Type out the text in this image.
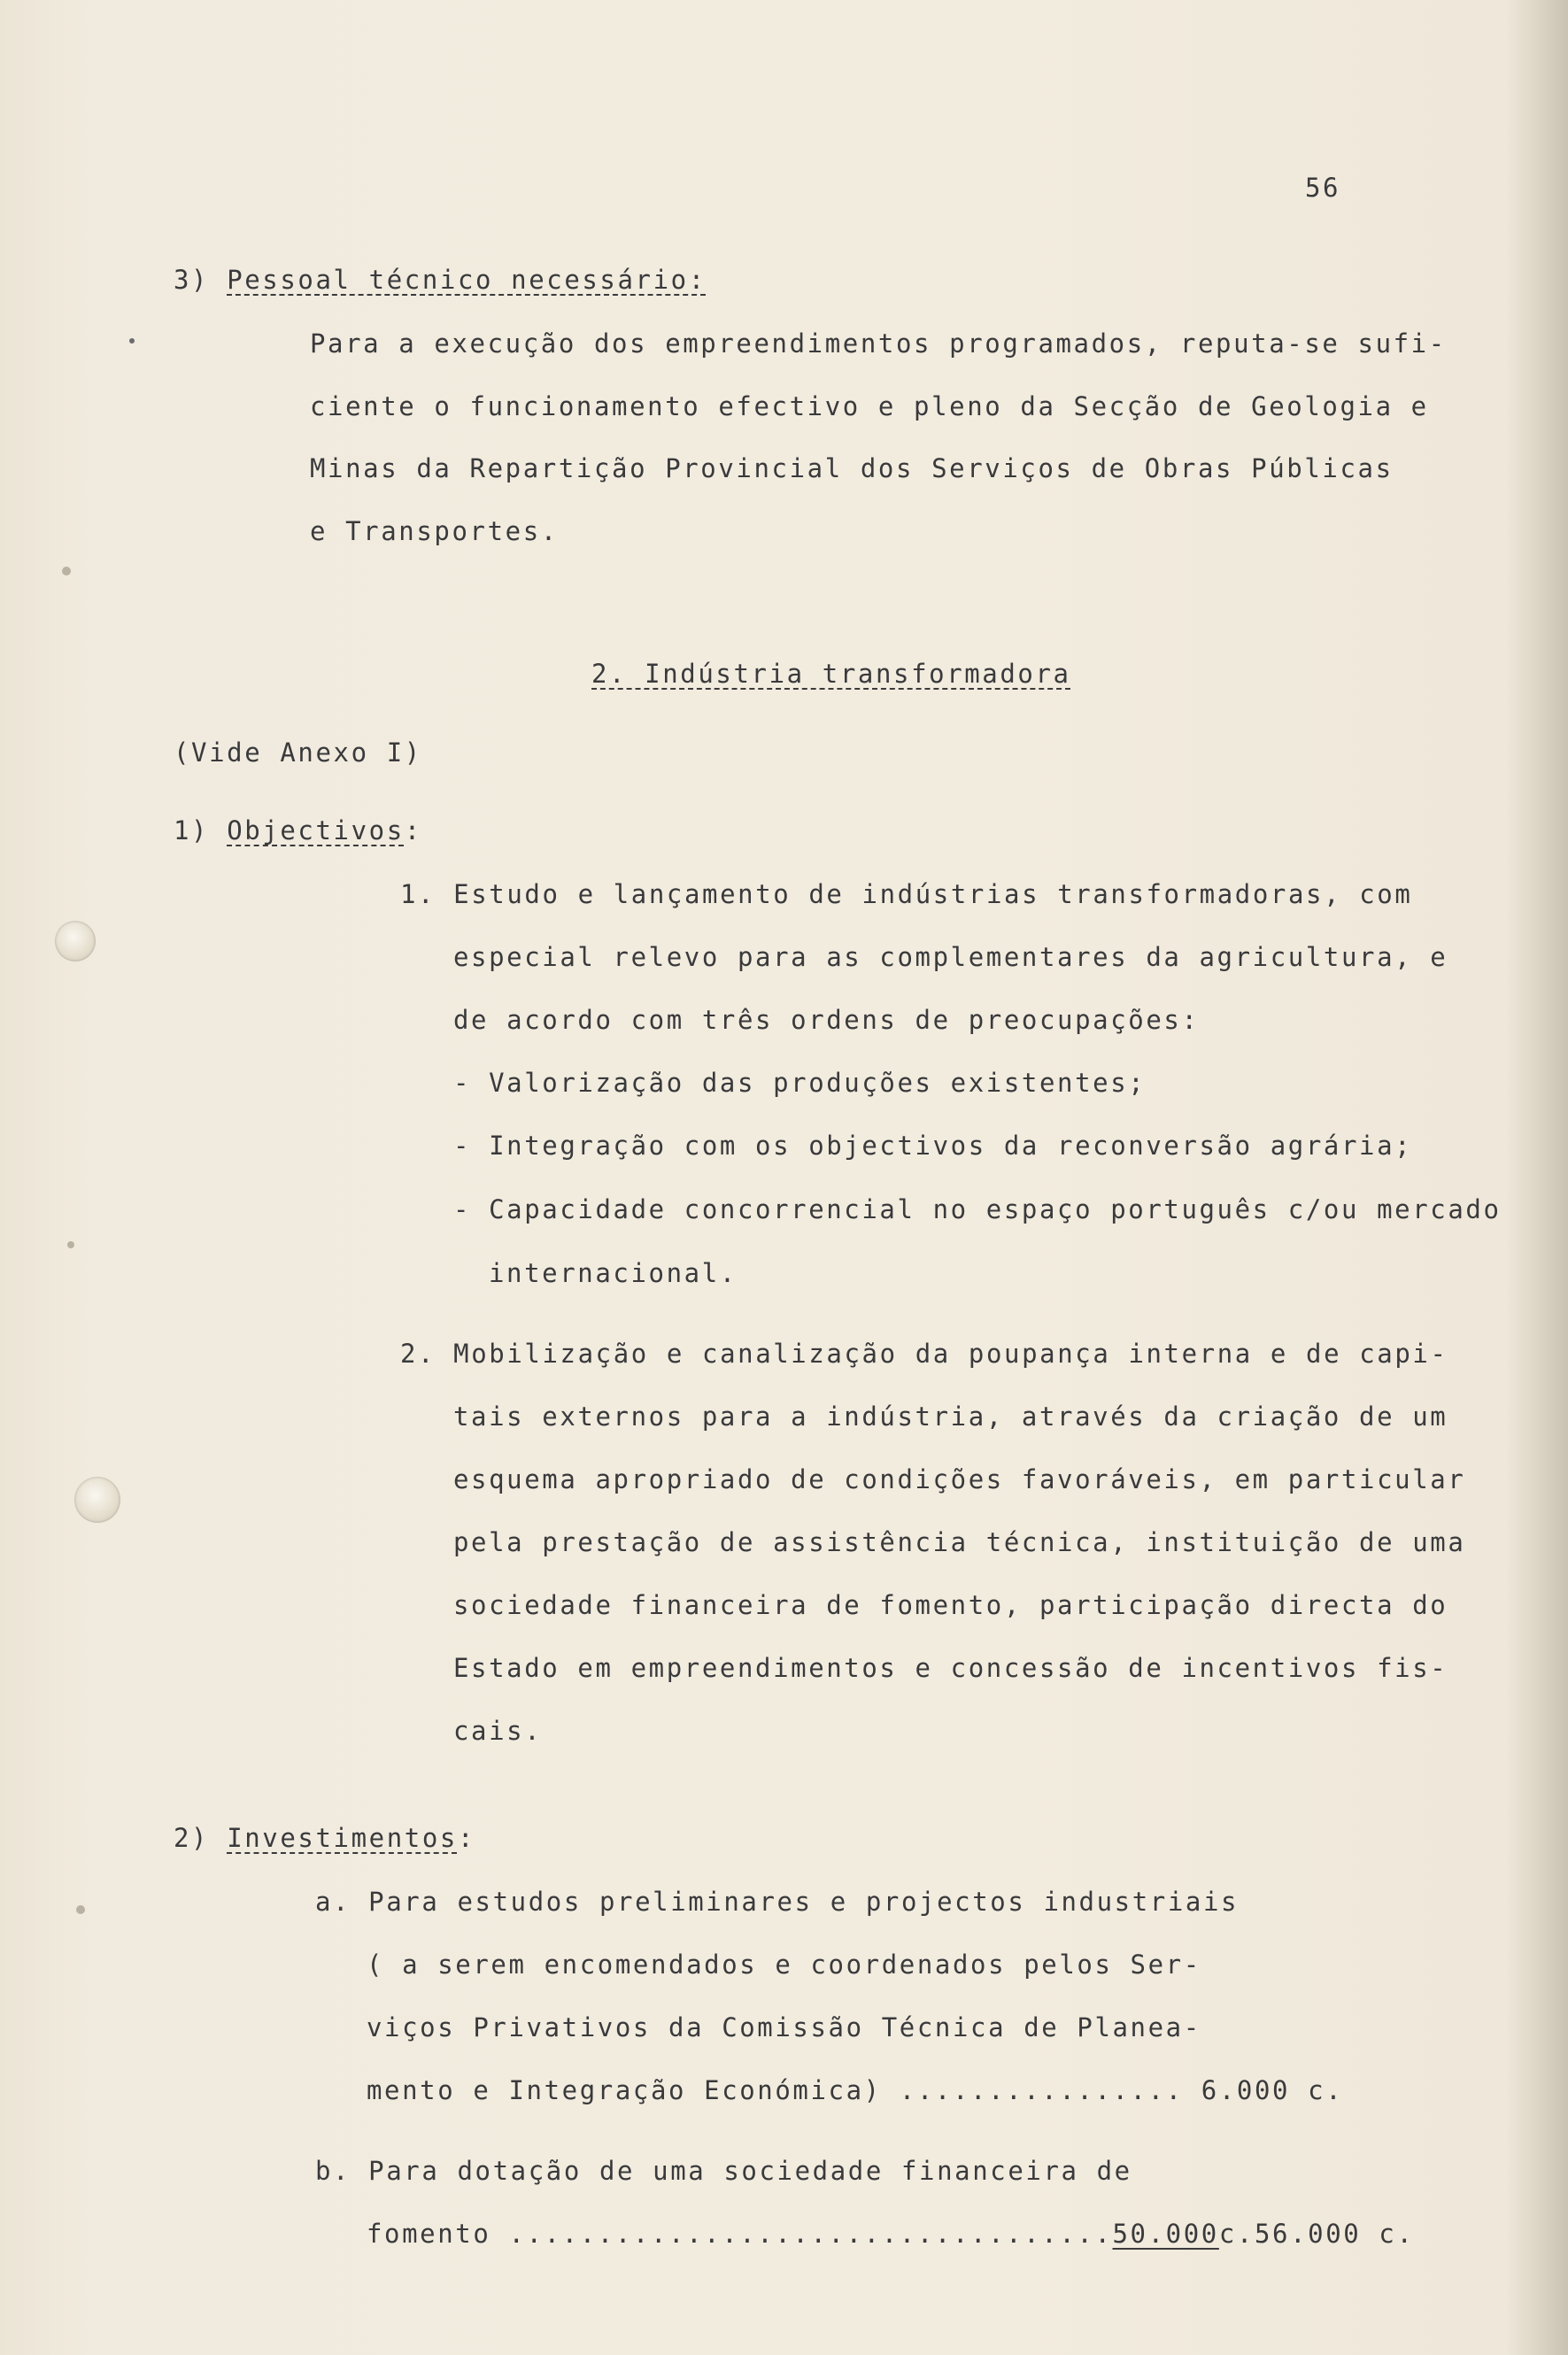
56
3) Pessoal técnico necessário:
Para a execução dos empreendimentos programados, reputa-se sufi-
ciente o funcionamento efectivo e pleno da Secção de Geologia e
Minas da Repartição Provincial dos Serviços de Obras Públicas
e Transportes.
2. Indústria transformadora
(Vide Anexo I)
1) Objectivos:
1. Estudo e lançamento de indústrias transformadoras, com
especial relevo para as complementares da agricultura, e
de acordo com três ordens de preocupações:
- Valorização das produções existentes;
- Integração com os objectivos da reconversão agrária;
- Capacidade concorrencial no espaço português c/ou mercado
internacional.
2. Mobilização e canalização da poupança interna e de capi-
tais externos para a indústria, através da criação de um
esquema apropriado de condições favoráveis, em particular
pela prestação de assistência técnica, instituição de uma
sociedade financeira de fomento, participação directa do
Estado em empreendimentos e concessão de incentivos fis-
cais.
2) Investimentos:
a. Para estudos preliminares e projectos industriais
( a serem encomendados e coordenados pelos Ser-
viços Privativos da Comissão Técnica de Planea-
mento e Integração Económica) ................ 6.000 c.
b. Para dotação de uma sociedade financeira de
fomento ..................................50.000c.56.000 c.
